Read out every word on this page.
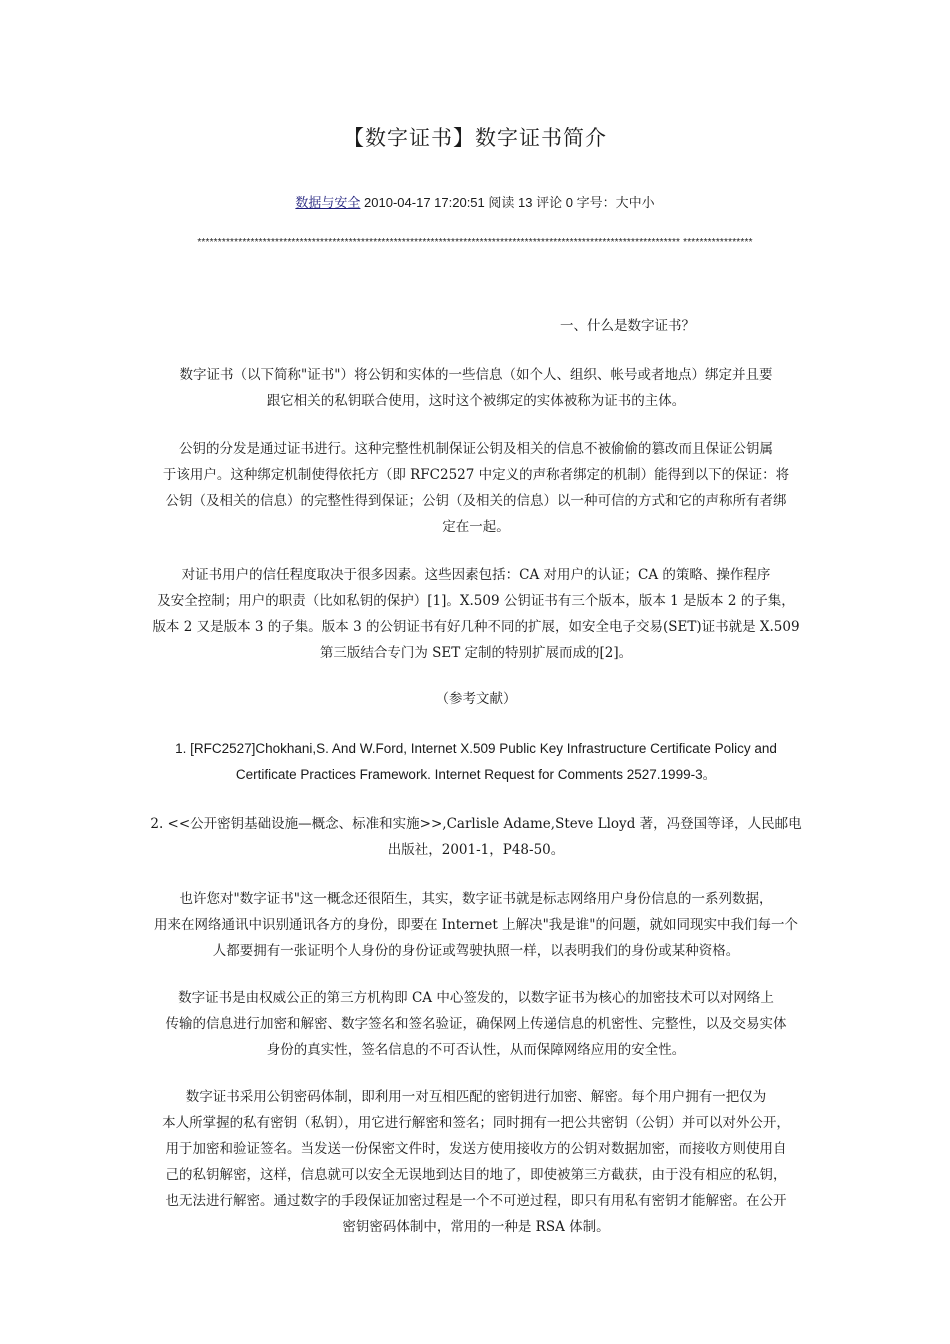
【数字证书】数字证书简介
数据与安全 2010-04-17 17:20:51 阅读 13 评论 0 字号：大中小
********************************************************************************************************************** *****************
一、什么是数字证书？
数字证书（以下简称"证书"）将公钥和实体的一些信息（如个人、组织、帐号或者地点）绑定并且要
跟它相关的私钥联合使用，这时这个被绑定的实体被称为证书的主体。
公钥的分发是通过证书进行。这种完整性机制保证公钥及相关的信息不被偷偷的篡改而且保证公钥属
于该用户。这种绑定机制使得依托方（即 RFC2527 中定义的声称者绑定的机制）能得到以下的保证：将
公钥（及相关的信息）的完整性得到保证；公钥（及相关的信息）以一种可信的方式和它的声称所有者绑
定在一起。
对证书用户的信任程度取决于很多因素。这些因素包括：CA 对用户的认证；CA 的策略、操作程序
及安全控制；用户的职责（比如私钥的保护）[1]。X.509 公钥证书有三个版本，版本 1 是版本 2 的子集，
版本 2 又是版本 3 的子集。版本 3 的公钥证书有好几种不同的扩展，如安全电子交易(SET)证书就是 X.509
第三版结合专门为 SET 定制的特别扩展而成的[2]。
（参考文献）
1. [RFC2527]Chokhani,S. And W.Ford, Internet X.509 Public Key Infrastructure Certificate Policy and
Certificate Practices Framework. Internet Request for Comments 2527.1999-3。
2. <<公开密钥基础设施—概念、标准和实施>>,Carlisle Adame,Steve Lloyd 著，冯登国等译，人民邮电
出版社，2001-1，P48-50。
也许您对"数字证书"这一概念还很陌生，其实，数字证书就是标志网络用户身份信息的一系列数据，
用来在网络通讯中识别通讯各方的身份，即要在 Internet 上解决"我是谁"的问题，就如同现实中我们每一个
人都要拥有一张证明个人身份的身份证或驾驶执照一样，以表明我们的身份或某种资格。
数字证书是由权威公正的第三方机构即 CA 中心签发的，以数字证书为核心的加密技术可以对网络上
传输的信息进行加密和解密、数字签名和签名验证，确保网上传递信息的机密性、完整性，以及交易实体
身份的真实性，签名信息的不可否认性，从而保障网络应用的安全性。
数字证书采用公钥密码体制，即利用一对互相匹配的密钥进行加密、解密。每个用户拥有一把仅为
本人所掌握的私有密钥（私钥），用它进行解密和签名；同时拥有一把公共密钥（公钥）并可以对外公开，
用于加密和验证签名。当发送一份保密文件时，发送方使用接收方的公钥对数据加密，而接收方则使用自
己的私钥解密，这样，信息就可以安全无误地到达目的地了，即使被第三方截获，由于没有相应的私钥，
也无法进行解密。通过数字的手段保证加密过程是一个不可逆过程，即只有用私有密钥才能解密。在公开
密钥密码体制中，常用的一种是 RSA 体制。
